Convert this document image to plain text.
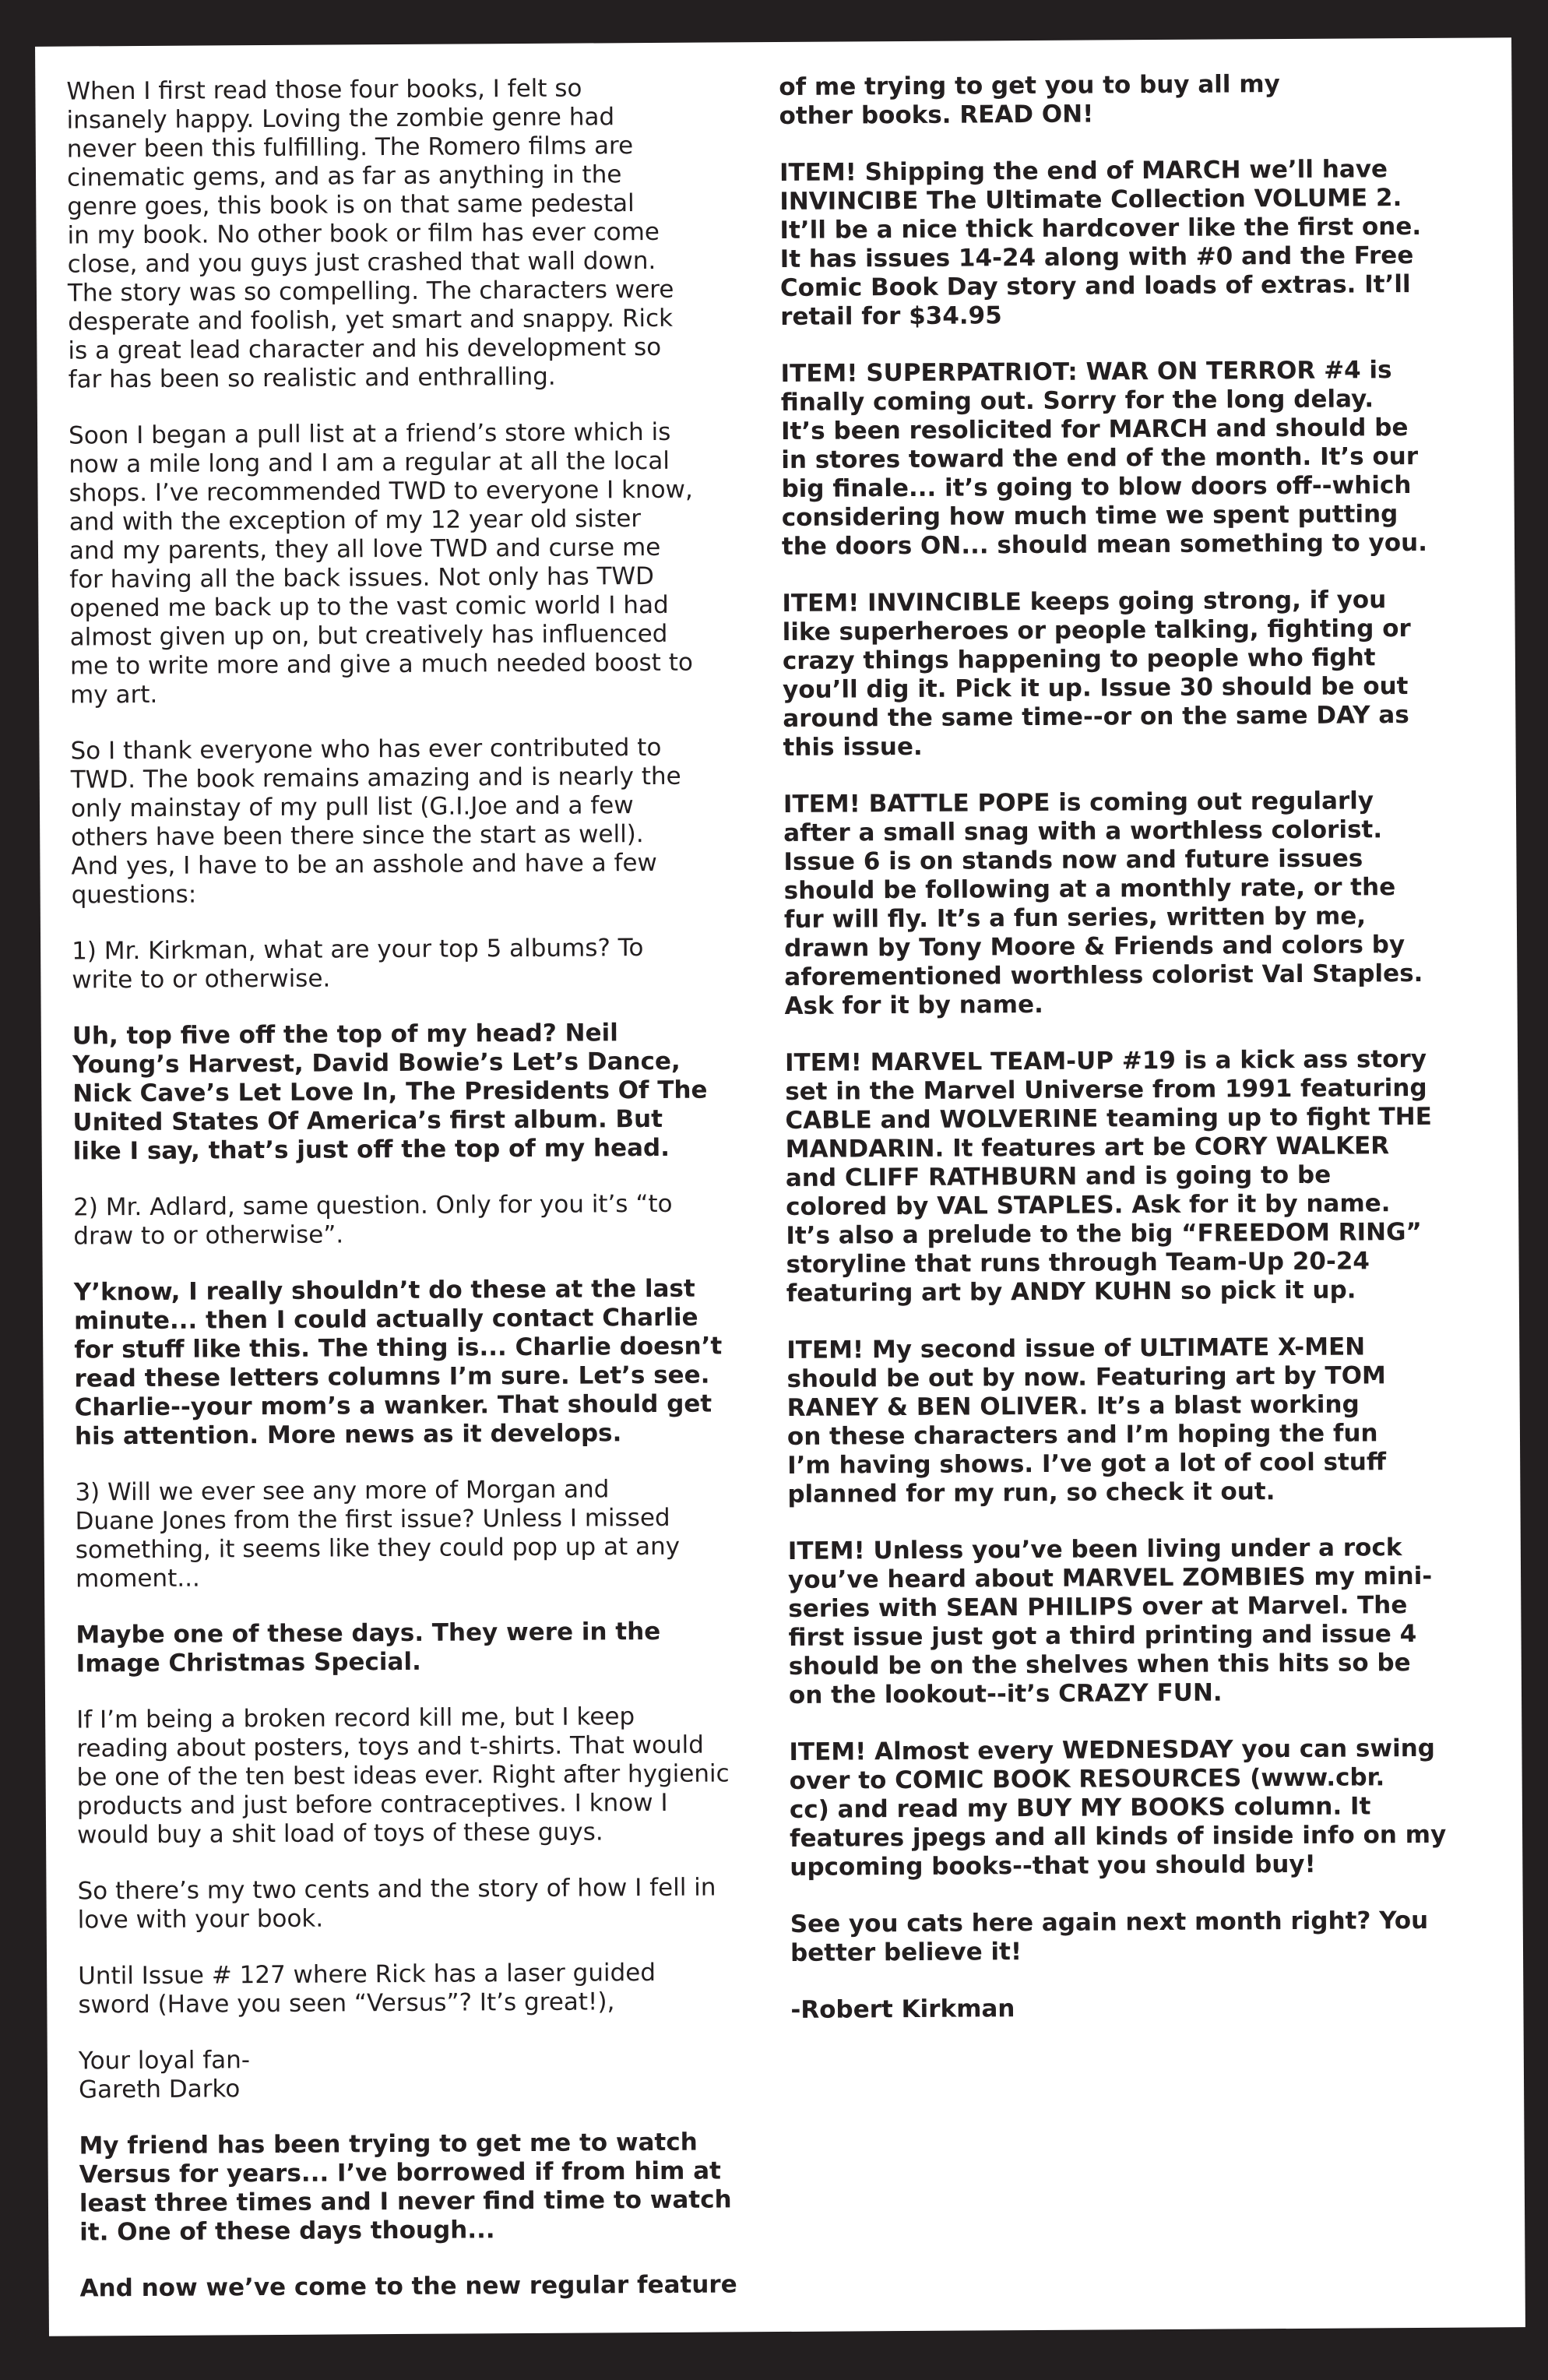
When I first read those four books, I felt so
insanely happy. Loving the zombie genre had
never been this fulfilling. The Romero films are
cinematic gems, and as far as anything in the
genre goes, this book is on that same pedestal
in my book. No other book or film has ever come
close, and you guys just crashed that wall down.
The story was so compelling. The characters were
desperate and foolish, yet smart and snappy. Rick
is a great lead character and his development so
far has been so realistic and enthralling.

Soon I began a pull list at a friend’s store which is
now a mile long and I am a regular at all the local
shops. I’ve recommended TWD to everyone I know,
and with the exception of my 12 year old sister
and my parents, they all love TWD and curse me
for having all the back issues. Not only has TWD
opened me back up to the vast comic world I had
almost given up on, but creatively has influenced
me to write more and give a much needed boost to
my art.

So I thank everyone who has ever contributed to
TWD. The book remains amazing and is nearly the
only mainstay of my pull list (G.I.Joe and a few
others have been there since the start as well).
And yes, I have to be an asshole and have a few
questions:

1) Mr. Kirkman, what are your top 5 albums? To
write to or otherwise.

Uh, top five off the top of my head? Neil
Young’s Harvest, David Bowie’s Let’s Dance,
Nick Cave’s Let Love In, The Presidents Of The
United States Of America’s first album. But
like I say, that’s just off the top of my head.

2) Mr. Adlard, same question. Only for you it’s “to
draw to or otherwise”.

Y’know, I really shouldn’t do these at the last
minute... then I could actually contact Charlie
for stuff like this. The thing is... Charlie doesn’t
read these letters columns I’m sure. Let’s see.
Charlie--your mom’s a wanker. That should get
his attention. More news as it develops.

3) Will we ever see any more of Morgan and
Duane Jones from the first issue? Unless I missed
something, it seems like they could pop up at any
moment...

Maybe one of these days. They were in the
Image Christmas Special.

If I’m being a broken record kill me, but I keep
reading about posters, toys and t-shirts. That would
be one of the ten best ideas ever. Right after hygienic
products and just before contraceptives. I know I
would buy a shit load of toys of these guys.

So there’s my two cents and the story of how I fell in
love with your book.

Until Issue # 127 where Rick has a laser guided
sword (Have you seen “Versus”? It’s great!),

Your loyal fan-
Gareth Darko

My friend has been trying to get me to watch
Versus for years... I’ve borrowed if from him at
least three times and I never find time to watch
it. One of these days though...

And now we’ve come to the new regular feature

of me trying to get you to buy all my
other books. READ ON!

ITEM! Shipping the end of MARCH we’ll have
INVINCIBE The Ultimate Collection VOLUME 2.
It’ll be a nice thick hardcover like the first one.
It has issues 14-24 along with #0 and the Free
Comic Book Day story and loads of extras. It’ll
retail for $34.95

ITEM! SUPERPATRIOT: WAR ON TERROR #4 is
finally coming out. Sorry for the long delay.
It’s been resolicited for MARCH and should be
in stores toward the end of the month. It’s our
big finale... it’s going to blow doors off--which
considering how much time we spent putting
the doors ON... should mean something to you.

ITEM! INVINCIBLE keeps going strong, if you
like superheroes or people talking, fighting or
crazy things happening to people who fight
you’ll dig it. Pick it up. Issue 30 should be out
around the same time--or on the same DAY as
this issue.

ITEM! BATTLE POPE is coming out regularly
after a small snag with a worthless colorist.
Issue 6 is on stands now and future issues
should be following at a monthly rate, or the
fur will fly. It’s a fun series, written by me,
drawn by Tony Moore & Friends and colors by
aforementioned worthless colorist Val Staples.
Ask for it by name.

ITEM! MARVEL TEAM-UP #19 is a kick ass story
set in the Marvel Universe from 1991 featuring
CABLE and WOLVERINE teaming up to fight THE
MANDARIN. It features art be CORY WALKER
and CLIFF RATHBURN and is going to be
colored by VAL STAPLES. Ask for it by name.
It’s also a prelude to the big “FREEDOM RING”
storyline that runs through Team-Up 20-24
featuring art by ANDY KUHN so pick it up.

ITEM! My second issue of ULTIMATE X-MEN
should be out by now. Featuring art by TOM
RANEY & BEN OLIVER. It’s a blast working
on these characters and I’m hoping the fun
I’m having shows. I’ve got a lot of cool stuff
planned for my run, so check it out.

ITEM! Unless you’ve been living under a rock
you’ve heard about MARVEL ZOMBIES my mini-
series with SEAN PHILIPS over at Marvel. The
first issue just got a third printing and issue 4
should be on the shelves when this hits so be
on the lookout--it’s CRAZY FUN.

ITEM! Almost every WEDNESDAY you can swing
over to COMIC BOOK RESOURCES (www.cbr.
cc) and read my BUY MY BOOKS column. It
features jpegs and all kinds of inside info on my
upcoming books--that you should buy!

See you cats here again next month right? You
better believe it!

-Robert Kirkman
